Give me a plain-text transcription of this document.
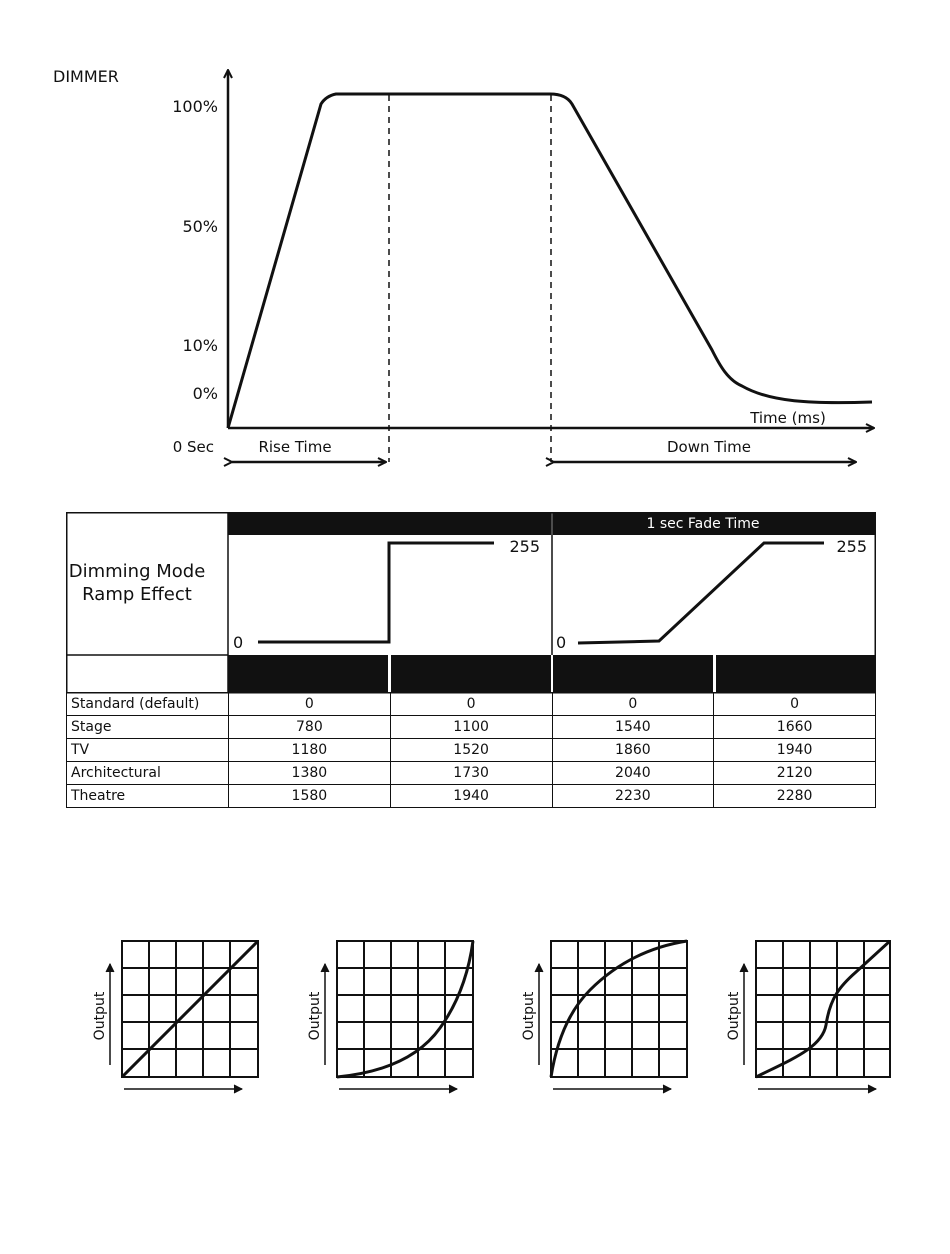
DIMMER
100%
50%
10%
0%
0 Sec
Time (ms)
Rise Time	Down Time
1 sec Fade Time
Dimming Mode
Ramp Effect
0
255
0
255
Standard (default)	0	0	0	0
Stage	780	1100	1540	1660
TV	1180	1520	1860	1940
Architectural	1380	1730	2040	2120
Theatre	1580	1940	2230	2280
Output	Output	Output	Output
